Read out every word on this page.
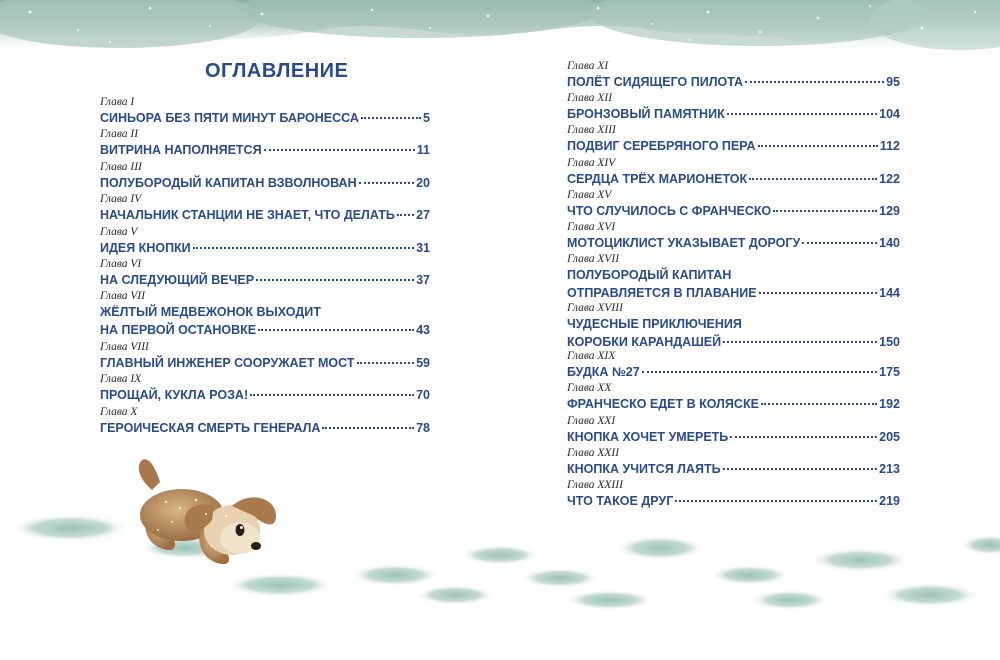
ОГЛАВЛЕНИЕ
Глава I
СИНЬОРА БЕЗ ПЯТИ МИНУТ БАРОНЕССА	5
Глава II
ВИТРИНА НАПОЛНЯЕТСЯ	11
Глава III
ПОЛУБОРОДЫЙ КАПИТАН ВЗВОЛНОВАН	20
Глава IV
НАЧАЛЬНИК СТАНЦИИ НЕ ЗНАЕТ, ЧТО ДЕЛАТЬ 27
Глава V
ИДЕЯ КНОПКИ	31
Глава VI
НА СЛЕДУЮЩИЙ ВЕЧЕР	37
Глава VII
ЖЁЛТЫЙ МЕДВЕЖОНОК ВЫХОДИТ
НА ПЕРВОЙ ОСТАНОВКЕ	43
Глава VIII
ГЛАВНЫЙ ИНЖЕНЕР СООРУЖАЕТ МОСТ	59
Глава IX
ПРОЩАЙ, КУКЛА РОЗА!	70
Глава X
ГЕРОИЧЕСКАЯ СМЕРТЬ ГЕНЕРАЛА	78
Глава XI
ПОЛЁТ СИДЯЩЕГО ПИЛОТА	95
Глава XII
БРОНЗОВЫЙ ПАМЯТНИК	104
Глава XIII
ПОДВИГ СЕРЕБРЯНОГО ПЕРА	112
Глава XIV
СЕРДЦА ТРЁХ МАРИОНЕТОК	122
Глава XV
ЧТО СЛУЧИЛОСЬ С ФРАНЧЕСКО	129
Глава XVI
МОТОЦИКЛИСТ УКАЗЫВАЕТ ДОРОГУ	140
Глава XVII
ПОЛУБОРОДЫЙ КАПИТАН
ОТПРАВЛЯЕТСЯ В ПЛАВАНИЕ	144
Глава XVIII
ЧУДЕСНЫЕ ПРИКЛЮЧЕНИЯ
КОРОБКИ КАРАНДАШЕЙ	150
Глава XIX
БУДКА №27	175
Глава XX
ФРАНЧЕСКО ЕДЕТ В КОЛЯСКЕ	192
Глава XXI
КНОПКА ХОЧЕТ УМЕРЕТЬ	205
Глава XXII
КНОПКА УЧИТСЯ ЛАЯТЬ	213
Глава XXIII
ЧТО ТАКОЕ ДРУГ	219
